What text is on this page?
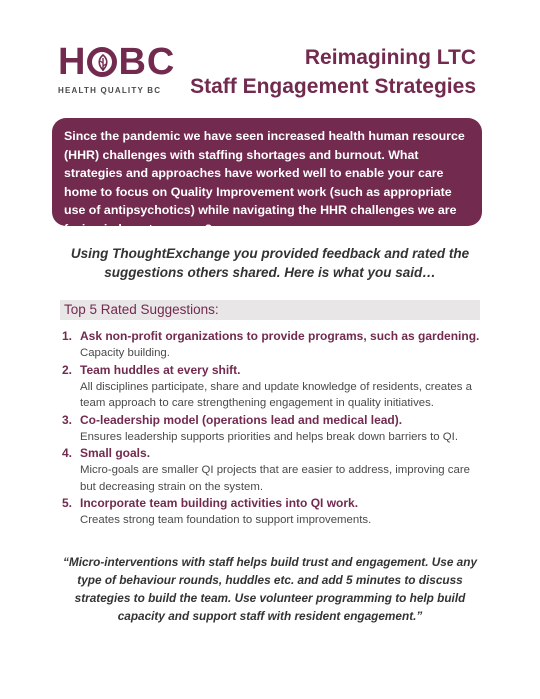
H BC
HEALTH QUALITY BC
Reimagining LTC
Staff Engagement Strategies
Since the pandemic we have seen increased health human resource (HHR) challenges with staffing shortages and burnout. What strategies and approaches have worked well to enable your care home to focus on Quality Improvement work (such as appropriate use of antipsychotics) while navigating the HHR challenges we are facing in long-term care?
Using ThoughtExchange you provided feedback and rated the suggestions others shared. Here is what you said…
Top 5 Rated Suggestions:
1. Ask non-profit organizations to provide programs, such as gardening.
Capacity building.
2. Team huddles at every shift.
All disciplines participate, share and update knowledge of residents, creates a team approach to care strengthening engagement in quality initiatives.
3. Co-leadership model (operations lead and medical lead).
Ensures leadership supports priorities and helps break down barriers to QI.
4. Small goals.
Micro-goals are smaller QI projects that are easier to address, improving care but decreasing strain on the system.
5. Incorporate team building activities into QI work.
Creates strong team foundation to support improvements.
“Micro-interventions with staff helps build trust and engagement. Use any type of behaviour rounds, huddles etc. and add 5 minutes to discuss strategies to build the team. Use volunteer programming to help build capacity and support staff with resident engagement.”
